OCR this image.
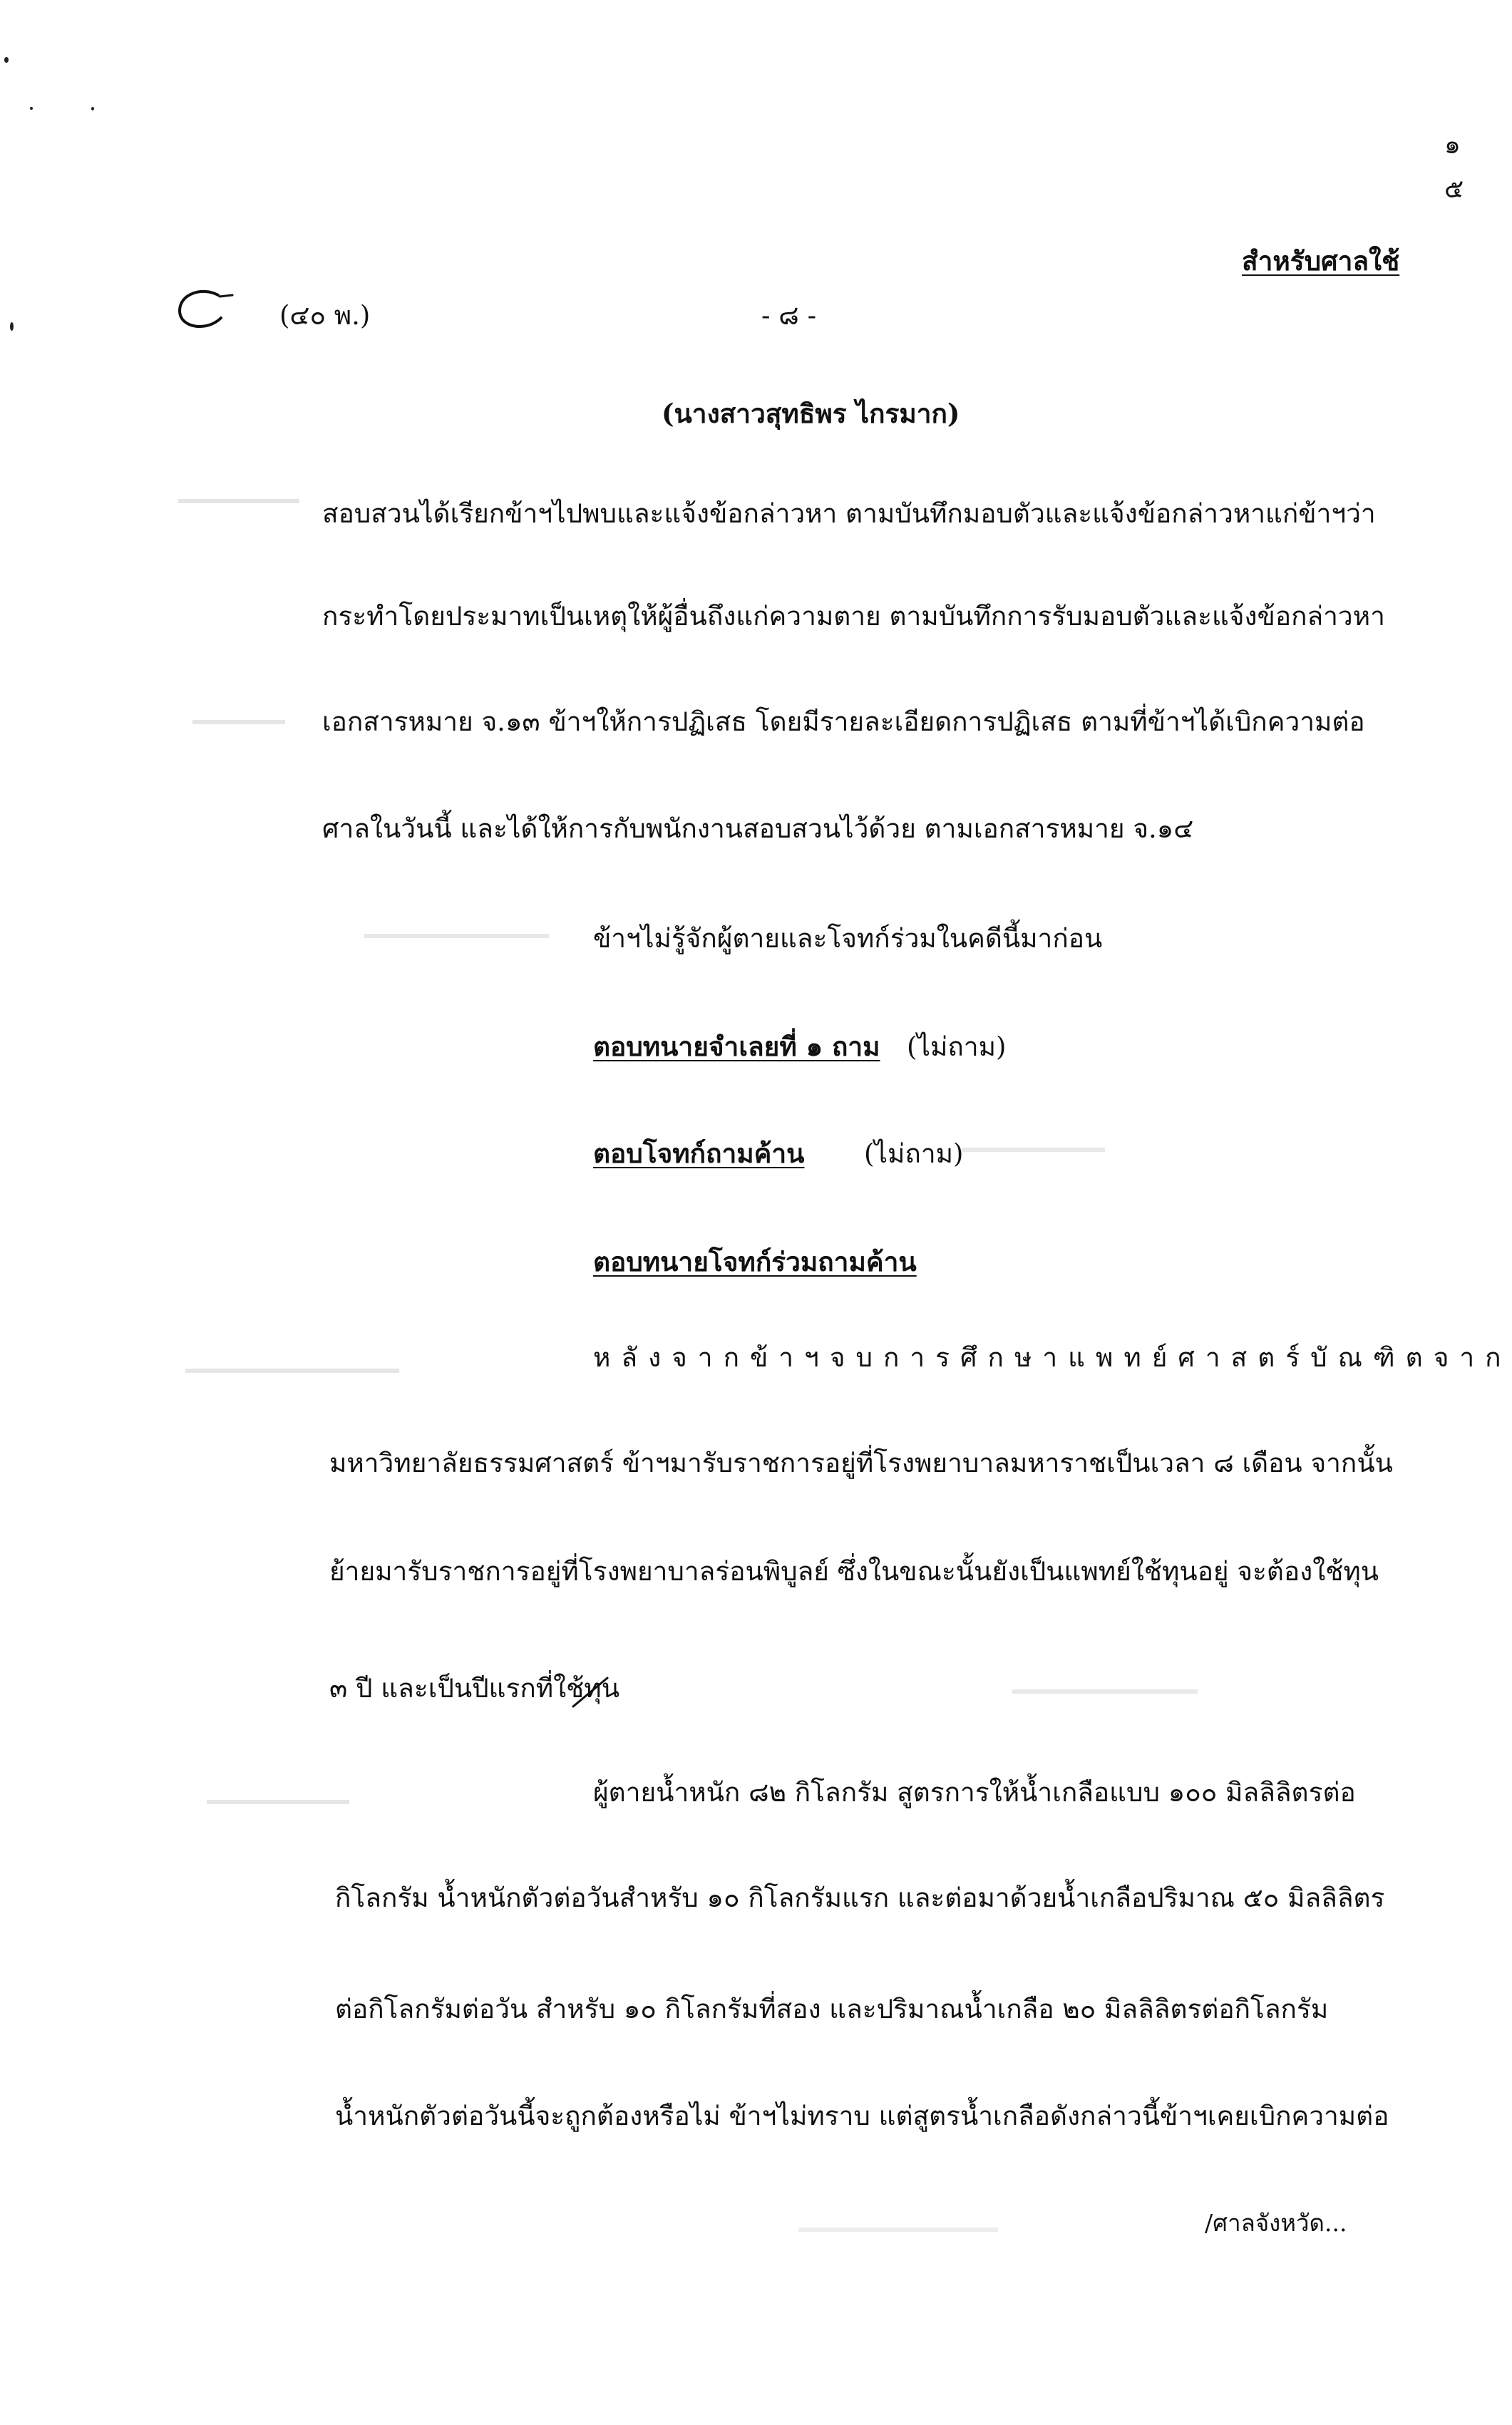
๑
๕
สำหรับศาลใช้
(๔๐ พ.)	- ๘ -
(นางสาวสุทธิพร ไกรมาก)
สอบสวนได้เรียกข้าฯไปพบและแจ้งข้อกล่าวหา ตามบันทึกมอบตัวและแจ้งข้อกล่าวหาแก่ข้าฯว่า
กระทำโดยประมาทเป็นเหตุให้ผู้อื่นถึงแก่ความตาย ตามบันทึกการรับมอบตัวและแจ้งข้อกล่าวหา
เอกสารหมาย จ.๑๓ ข้าฯให้การปฏิเสธ โดยมีรายละเอียดการปฏิเสธ ตามที่ข้าฯได้เบิกความต่อ
ศาลในวันนี้ และได้ให้การกับพนักงานสอบสวนไว้ด้วย ตามเอกสารหมาย จ.๑๔
ข้าฯไม่รู้จักผู้ตายและโจทก์ร่วมในคดีนี้มาก่อน
ตอบทนายจำเลยที่ ๑ ถาม (ไม่ถาม)
ตอบโจทก์ถามค้าน (ไม่ถาม)
ตอบทนายโจทก์ร่วมถามค้าน
หลังจากข้าฯจบการศึกษาแพทย์ศาสตร์บัณฑิตจาก
มหาวิทยาลัยธรรมศาสตร์ ข้าฯมารับราชการอยู่ที่โรงพยาบาลมหาราชเป็นเวลา ๘ เดือน จากนั้น
ย้ายมารับราชการอยู่ที่โรงพยาบาลร่อนพิบูลย์ ซึ่งในขณะนั้นยังเป็นแพทย์ใช้ทุนอยู่ จะต้องใช้ทุน
๓ ปี และเป็นปีแรกที่ใช้ทุน
ผู้ตายน้ำหนัก ๘๒ กิโลกรัม สูตรการให้น้ำเกลือแบบ ๑๐๐ มิลลิลิตรต่อ
กิโลกรัม น้ำหนักตัวต่อวันสำหรับ ๑๐ กิโลกรัมแรก และต่อมาด้วยน้ำเกลือปริมาณ ๕๐ มิลลิลิตร
ต่อกิโลกรัมต่อวัน สำหรับ ๑๐ กิโลกรัมที่สอง และปริมาณน้ำเกลือ ๒๐ มิลลิลิตรต่อกิโลกรัม
น้ำหนักตัวต่อวันนี้จะถูกต้องหรือไม่ ข้าฯไม่ทราบ แต่สูตรน้ำเกลือดังกล่าวนี้ข้าฯเคยเบิกความต่อ
/ศาลจังหวัด...
